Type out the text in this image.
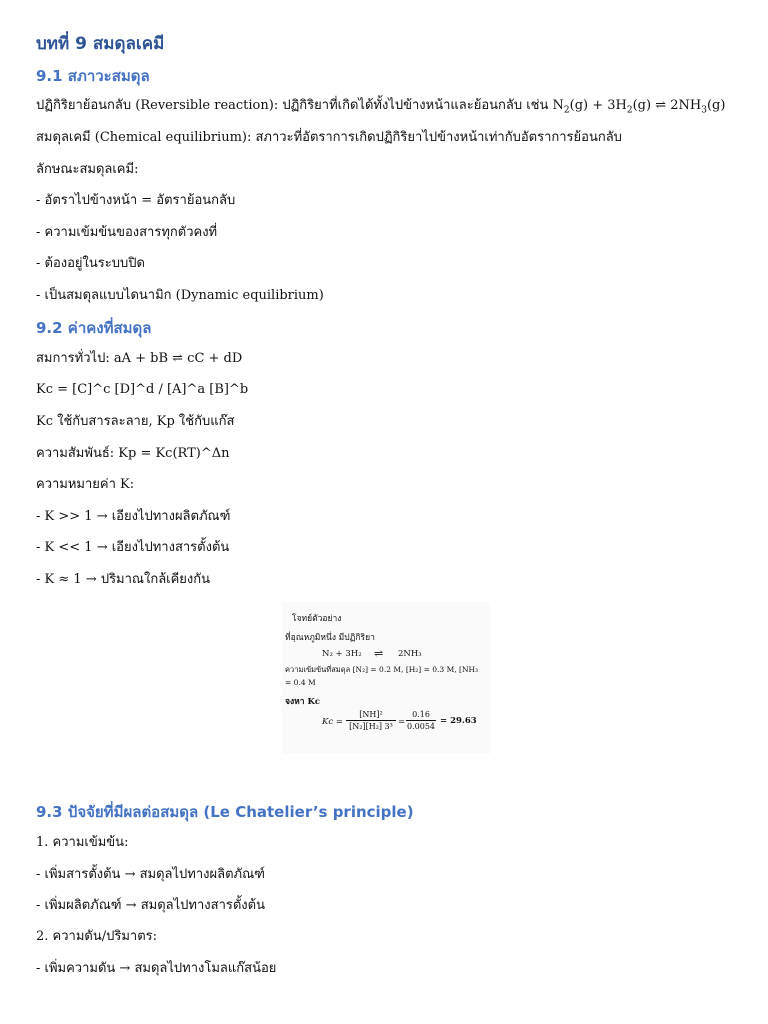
บทที่ 9 สมดุลเคมี
9.1 สภาวะสมดุล
ปฏิกิริยาย้อนกลับ (Reversible reaction): ปฏิกิริยาที่เกิดได้ทั้งไปข้างหน้าและย้อนกลับ เช่น $N_2(g) + 3H_2(g)$ ⇌ $2NH_3(g)$
สมดุลเคมี (Chemical equilibrium): สภาวะที่อัตราการเกิดปฏิกิริยาไปข้างหน้าเท่ากับอัตราการย้อนกลับ
ลักษณะสมดุลเคมี:
- อัตราไปข้างหน้า = อัตราย้อนกลับ
- ความเข้มข้นของสารทุกตัวคงที่
- ต้องอยู่ในระบบปิด
- เป็นสมดุลแบบไดนามิก (Dynamic equilibrium)
9.2 ค่าคงที่สมดุล
สมการทั่วไป: aA + bB ⇌ cC + dD
Kc = [C]^c [D]^d / [A]^a [B]^b
Kc ใช้กับสารละลาย, Kp ใช้กับแก๊ส
ความสัมพันธ์: Kp = Kc(RT)^Δn
ความหมายค่า K:
- K >> 1 → เอียงไปทางผลิตภัณฑ์
- K << 1 → เอียงไปทางสารตั้งต้น
- K ≈ 1 → ปริมาณใกล้เคียงกัน
9.3 ปัจจัยที่มีผลต่อสมดุล (Le Chatelier’s principle)
1. ความเข้มข้น:
- เพิ่มสารตั้งต้น → สมดุลไปทางผลิตภัณฑ์
- เพิ่มผลิตภัณฑ์ → สมดุลไปทางสารตั้งต้น
2. ความดัน/ปริมาตร:
- เพิ่มความดัน → สมดุลไปทางโมลแก๊สน้อย
โจทย์ตัวอย่าง
ที่อุณหภูมิหนึ่ง มีปฏิกิริยา
N₂ + 3H₂ ⇌ 2NH₃
ความเข้มข้นที่สมดุล [N₂] = 0.2 M, [H₂] = 0.3 M, [NH₃
= 0.4 M
จงหา Kc
Kc =
[NH]²
[N₂][H₂] 3³ =
0.16
0.0054
= 29.63
